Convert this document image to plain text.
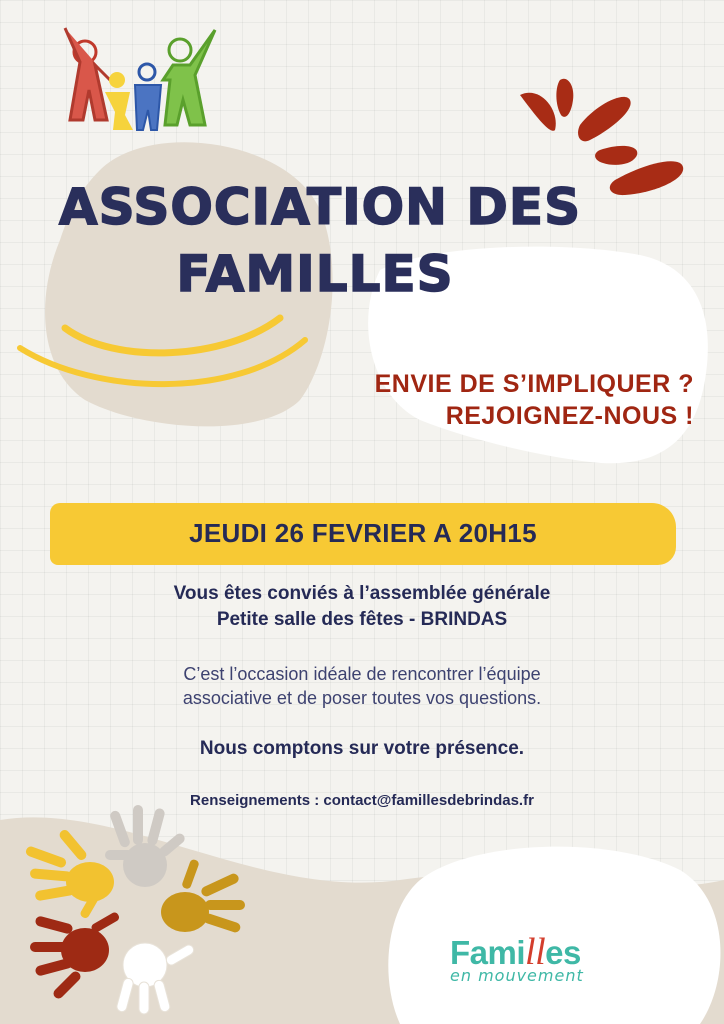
ASSOCIATION DES
FAMILLES
ENVIE DE S’IMPLIQUER ?
REJOIGNEZ-NOUS !
JEUDI 26 FEVRIER A 20H15
Vous êtes conviés à l’assemblée générale
Petite salle des fêtes - BRINDAS
C’est l’occasion idéale de rencontrer l’équipe
associative et de poser toutes vos questions.
Nous comptons sur votre présence.
Renseignements : contact@famillesdebrindas.fr
Familles
en mouvement
